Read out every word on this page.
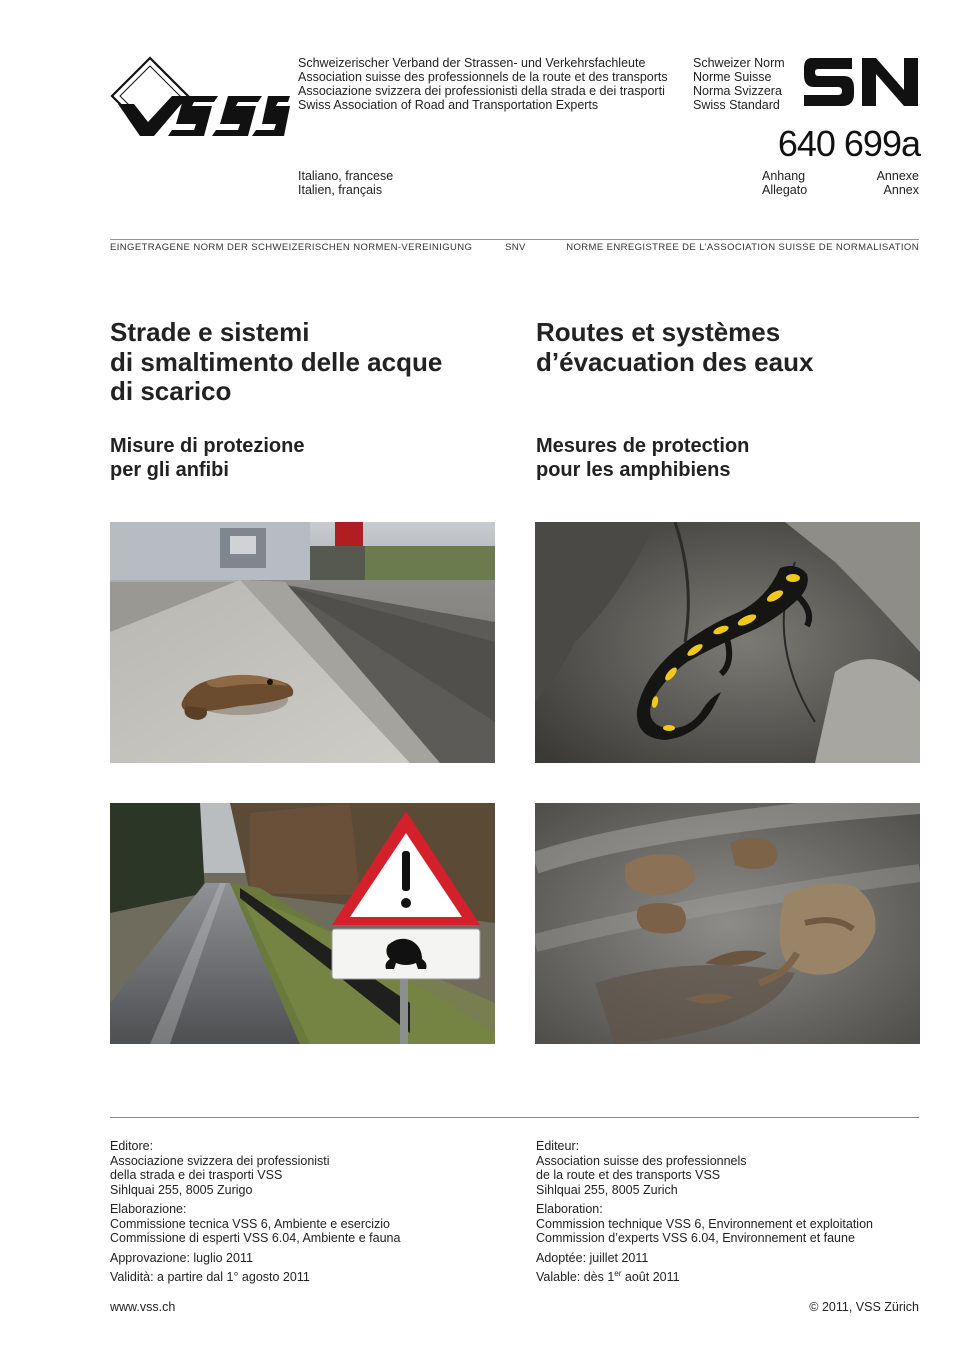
Schweizerischer Verband der Strassen- und Verkehrsfachleute
Association suisse des professionnels de la route et des transports
Associazione svizzera dei professionisti della strada e dei trasporti
Swiss Association of Road and Transportation Experts
Schweizer Norm
Norme Suisse
Norma Svizzera
Swiss Standard
640 699a
Italiano, francese
Italien, français
Anhang
Allegato
Annexe
Annex
EINGETRAGENE NORM DER SCHWEIZERISCHEN NORMEN-VEREINIGUNG	SNV	NORME ENREGISTREE DE L’ASSOCIATION SUISSE DE NORMALISATION
Strade e sistemi
di smaltimento delle acque
di scarico
Routes et systèmes
d’évacuation des eaux
Misure di protezione
per gli anfibi
Mesures de protection
pour les amphibiens
Editore:
Associazione svizzera dei professionisti
della strada e dei trasporti VSS
Sihlquai 255, 8005 Zurigo
Elaborazione:
Commissione tecnica VSS 6, Ambiente e esercizio
Commissione di esperti VSS 6.04, Ambiente e fauna
Approvazione: luglio 2011
Validità: a partire dal 1° agosto 2011
Editeur:
Association suisse des professionnels
de la route et des transports VSS
Sihlquai 255, 8005 Zurich
Elaboration:
Commission technique VSS 6, Environnement et exploitation
Commission d’experts VSS 6.04, Environnement et faune
Adoptée: juillet 2011
Valable: dès 1er août 2011
www.vss.ch	© 2011, VSS Zürich
